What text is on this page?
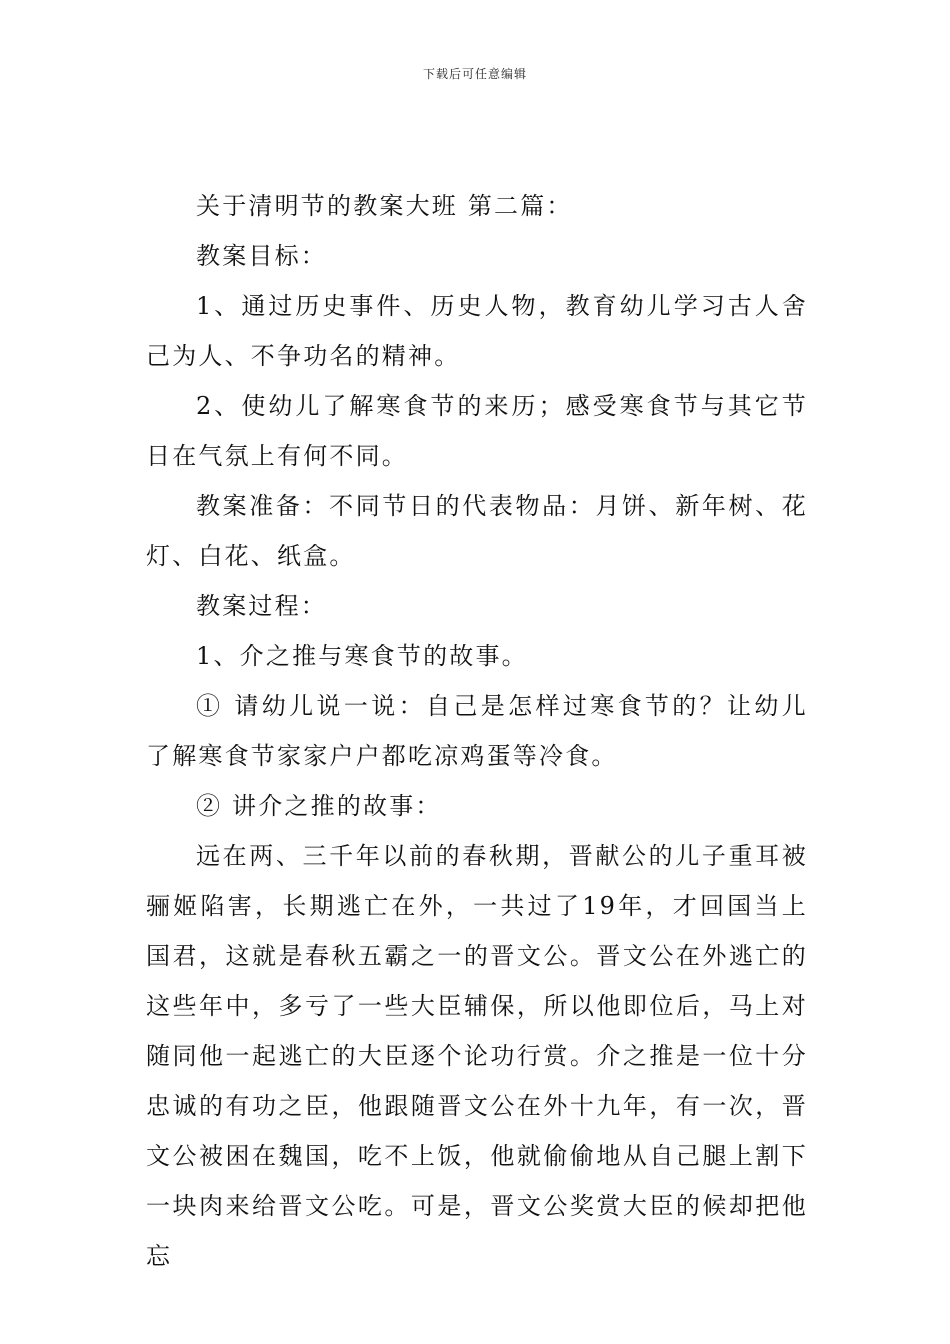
下载后可任意编辑

关于清明节的教案大班 第二篇：

教案目标：

1、通过历史事件、历史人物，教育幼儿学习古人舍己为人、不争功名的精神。

2、使幼儿了解寒食节的来历；感受寒食节与其它节日在气氛上有何不同。

教案准备：不同节日的代表物品：月饼、新年树、花灯、白花、纸盒。

教案过程：

1、介之推与寒食节的故事。

① 请幼儿说一说：自己是怎样过寒食节的？让幼儿了解寒食节家家户户都吃凉鸡蛋等冷食。

② 讲介之推的故事：

远在两、三千年以前的春秋期，晋献公的儿子重耳被骊姬陷害，长期逃亡在外，一共过了19年，才回国当上国君，这就是春秋五霸之一的晋文公。晋文公在外逃亡的这些年中，多亏了一些大臣辅保，所以他即位后，马上对随同他一起逃亡的大臣逐个论功行赏。介之推是一位十分忠诚的有功之臣，他跟随晋文公在外十九年，有一次，晋文公被困在魏国，吃不上饭，他就偷偷地从自己腿上割下一块肉来给晋文公吃。可是，晋文公奖赏大臣的候却把他忘
